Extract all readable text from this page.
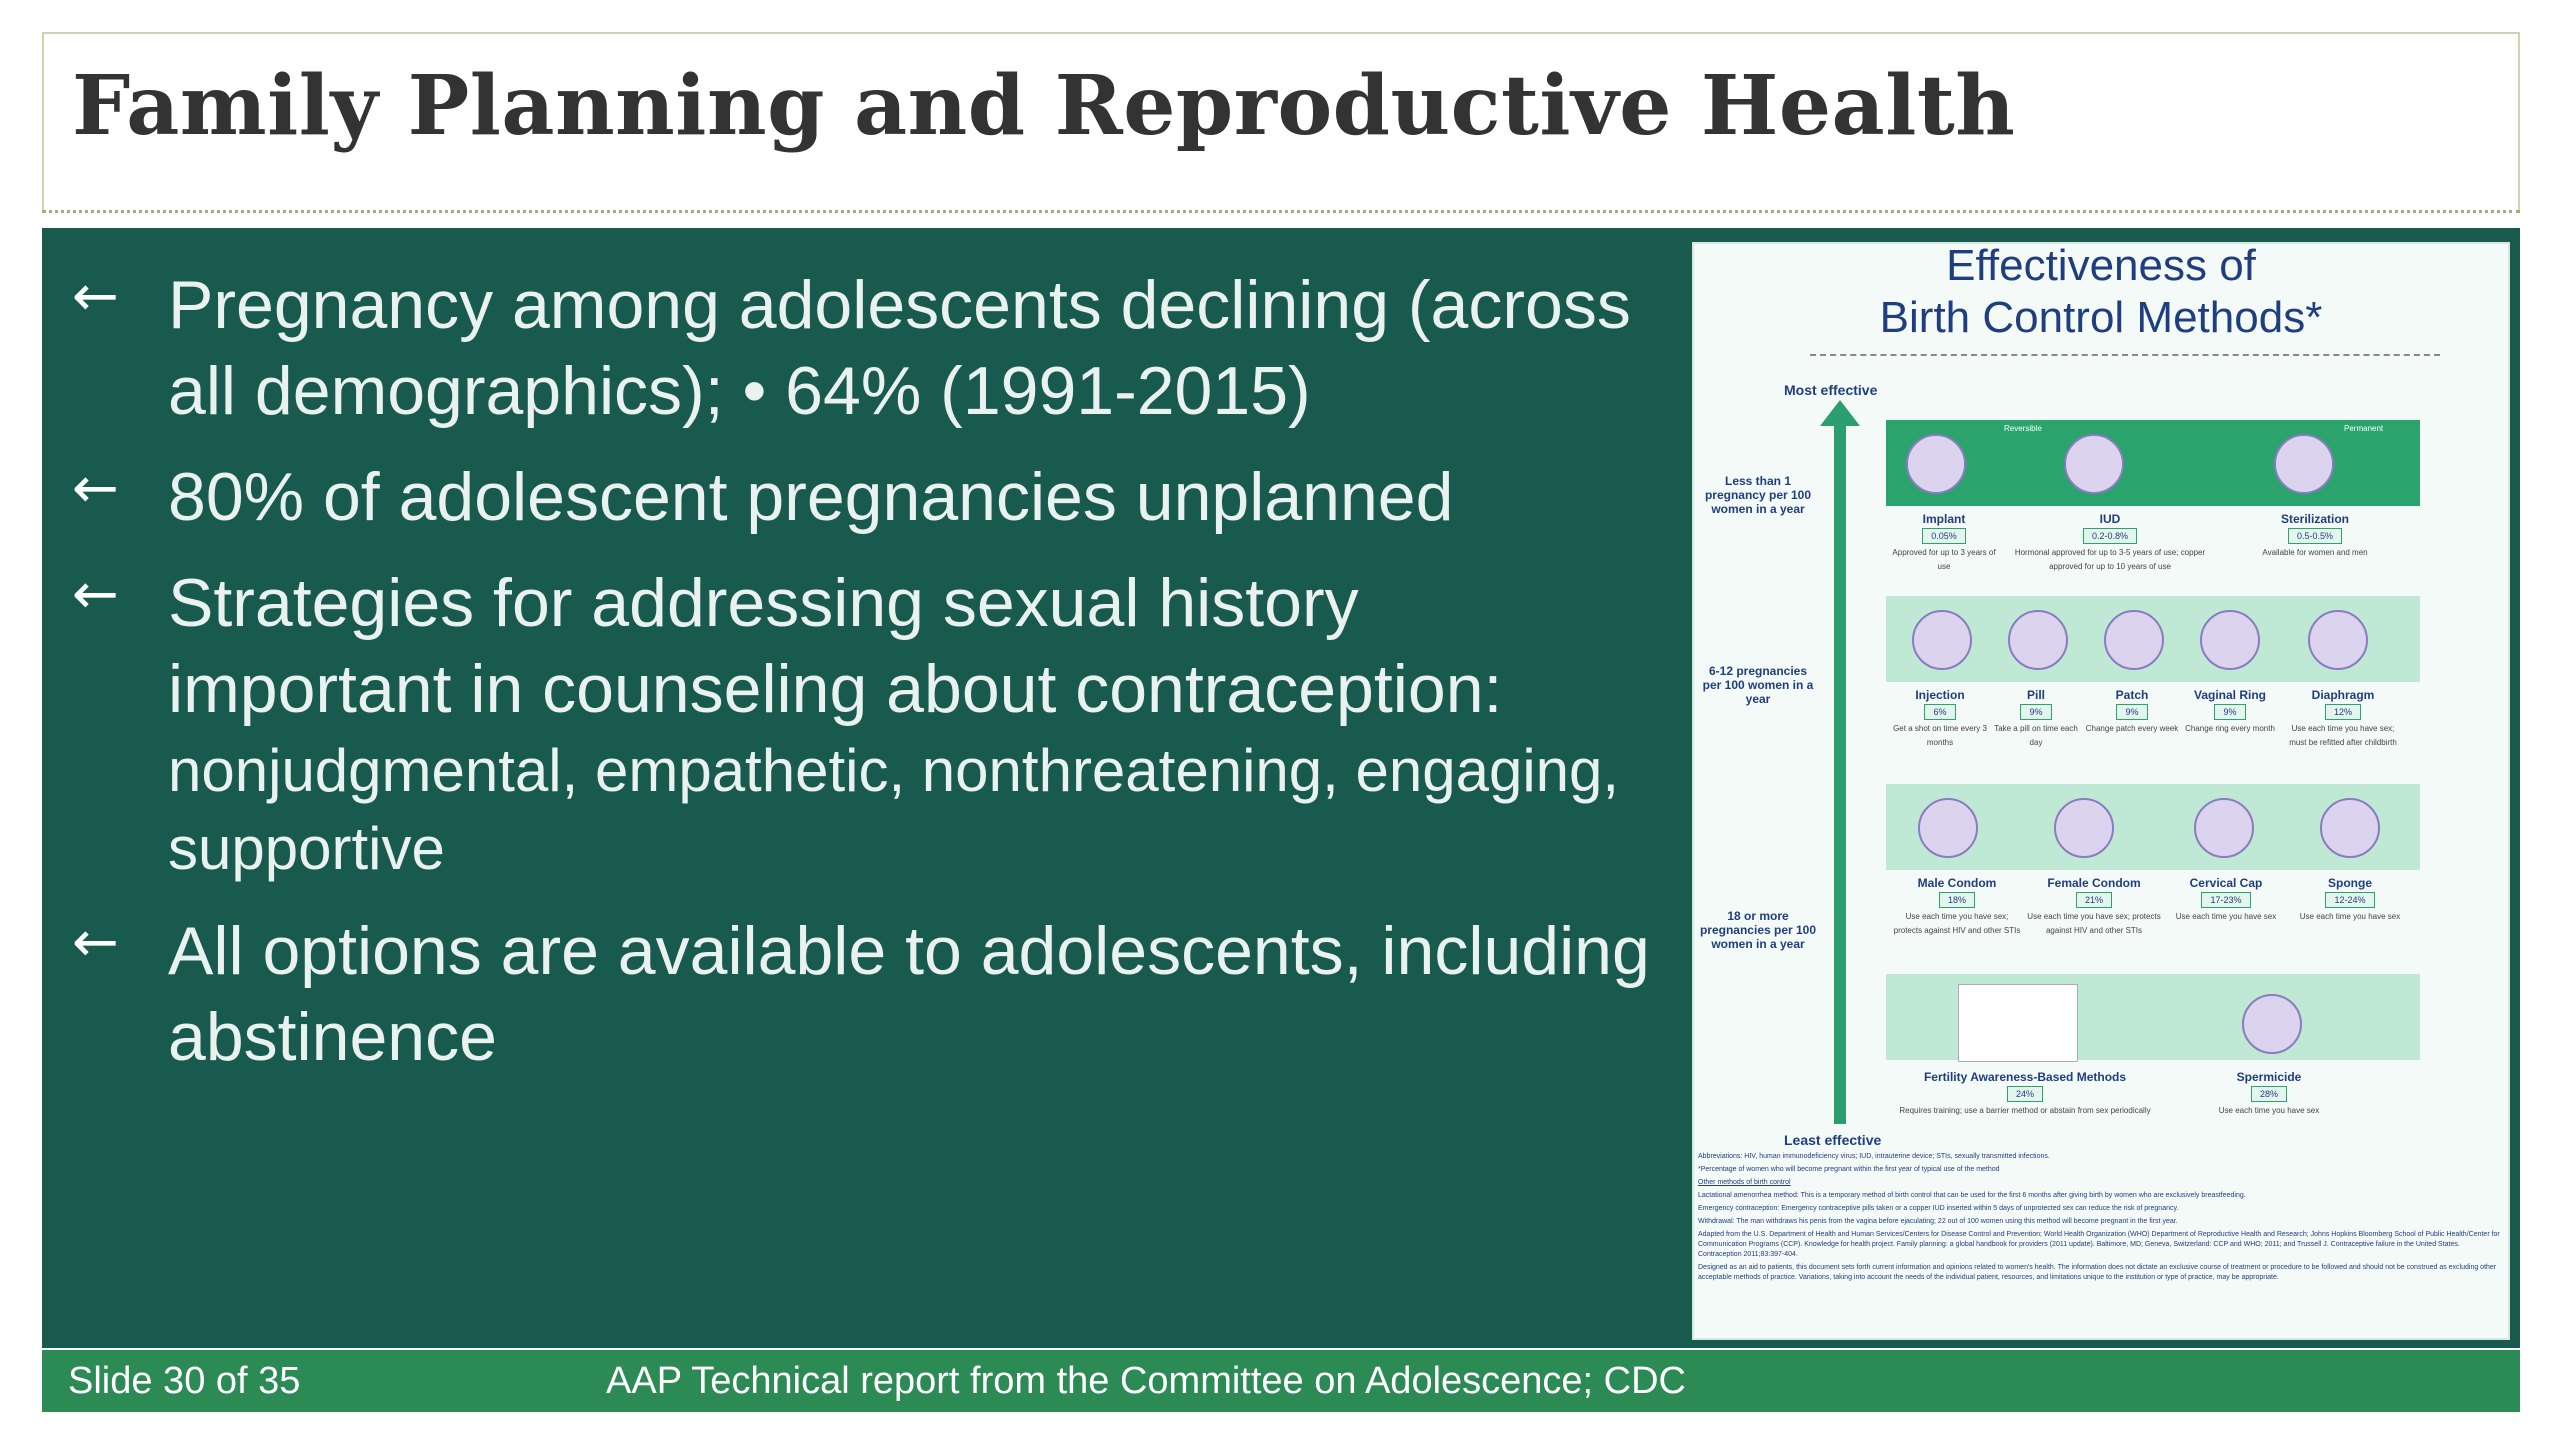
Family Planning and Reproductive Health
← Pregnancy among adolescents declining (across all demographics); • 64% (1991-2015)
← 80% of adolescent pregnancies unplanned
← Strategies for addressing sexual history important in counseling about contraception:
nonjudgmental, empathetic, nonthreatening, engaging, supportive
← All options are available to adolescents, including abstinence
Effectiveness of
Birth Control Methods*
Most effective
Less than 1 pregnancy per 100 women in a year
6-12 pregnancies per 100 women in a year
18 or more pregnancies per 100 women in a year
Reversible	Permanent
Implant
0.05%
Approved for up to 3 years of use
IUD
0.2-0.8%
Hormonal approved for up to 3-5 years of use; copper approved for up to 10 years of use
Sterilization
0.5-0.5%
Available for women and men
Injection
6%
Get a shot on time every 3 months
Pill
9%
Take a pill on time each day
Patch
9%
Change patch every week
Vaginal Ring
9%
Change ring every month
Diaphragm
12%
Use each time you have sex; must be refitted after childbirth
Male Condom
18%
Use each time you have sex; protects against HIV and other STIs
Female Condom
21%
Use each time you have sex; protects against HIV and other STIs
Cervical Cap
17-23%
Use each time you have sex
Sponge
12-24%
Use each time you have sex
Fertility Awareness-Based Methods
24%
Requires training; use a barrier method or abstain from sex periodically
Spermicide
28%
Use each time you have sex
Least effective

Abbreviations: HIV, human immunodeficiency virus; IUD, intrauterine device; STIs, sexually transmitted infections.

*Percentage of women who will become pregnant within the first year of typical use of the method

Other methods of birth control

Lactational amenorrhea method: This is a temporary method of birth control that can be used for the first 6 months after giving birth by women who are exclusively breastfeeding.

Emergency contraception: Emergency contraceptive pills taken or a copper IUD inserted within 5 days of unprotected sex can reduce the risk of pregnancy.

Withdrawal: The man withdraws his penis from the vagina before ejaculating; 22 out of 100 women using this method will become pregnant in the first year.

Adapted from the U.S. Department of Health and Human Services/Centers for Disease Control and Prevention; World Health Organization (WHO) Department of Reproductive Health and Research; Johns Hopkins Bloomberg School of Public Health/Center for Communication Programs (CCP). Knowledge for health project. Family planning: a global handbook for providers (2011 update). Baltimore, MD; Geneva, Switzerland: CCP and WHO; 2011; and Trussell J. Contraceptive failure in the United States. Contraception 2011;83:397-404.

Designed as an aid to patients, this document sets forth current information and opinions related to women's health. The information does not dictate an exclusive course of treatment or procedure to be followed and should not be construed as excluding other acceptable methods of practice. Variations, taking into account the needs of the individual patient, resources, and limitations unique to the institution or type of practice, may be appropriate.

Slide 30 of 35	AAP Technical report from the Committee on Adolescence; CDC
